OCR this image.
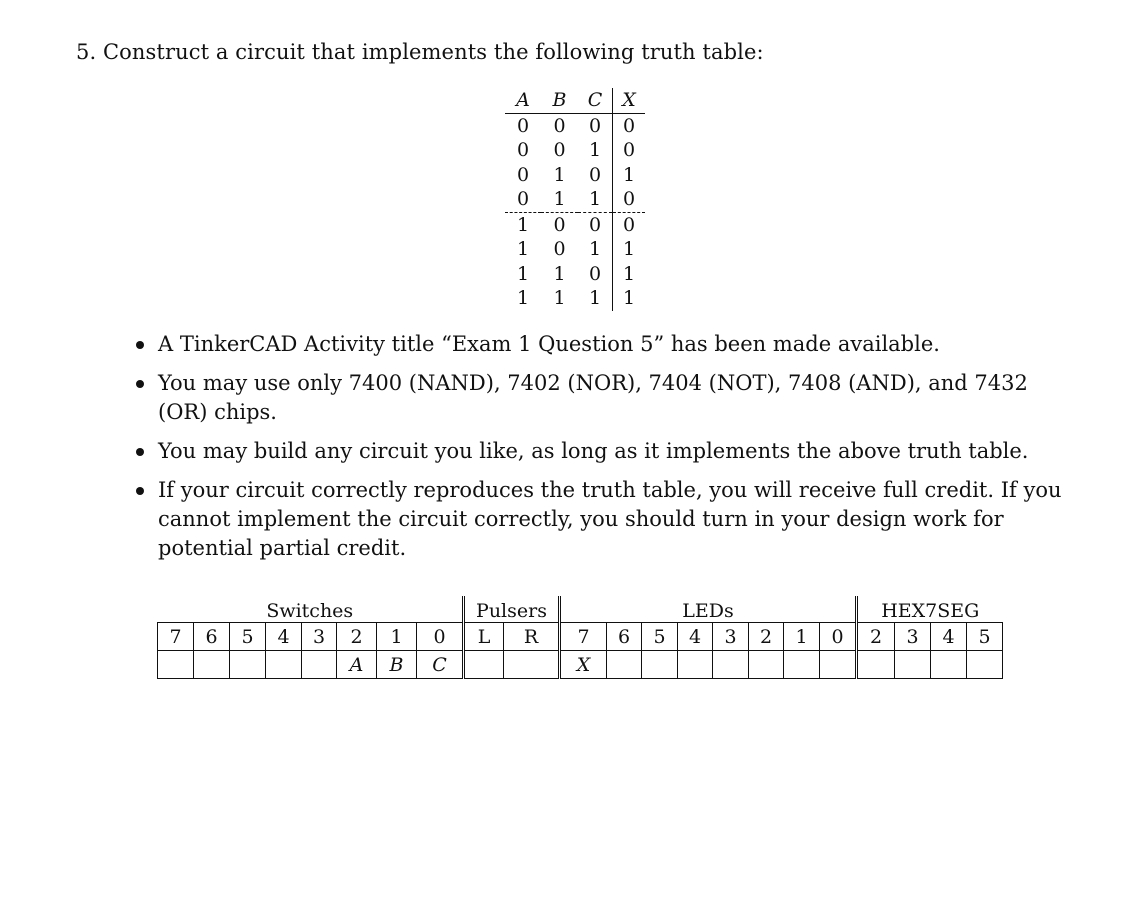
5. Construct a circuit that implements the following truth table:
A	B	C	X
0	0	0	0
0	0	1	0
0	1	0	1
0	1	1	0
1	0	0	0
1	0	1	1
1	1	0	1
1	1	1	1
A TinkerCAD Activity title “Exam 1 Question 5” has been made available.
You may use only 7400 (NAND), 7402 (NOR), 7404 (NOT), 7408 (AND), and 7432 (OR) chips.
You may build any circuit you like, as long as it implements the above truth table.
If your circuit correctly reproduces the truth table, you will receive full credit. If you cannot implement the circuit correctly, you should turn in your design work for potential partial credit.
Switches								Pulsers		LEDs								HEX7SEG			
7	6	5	4	3	2	1	0	L	R	7	6	5	4	3	2	1	0	2	3	4	5
					A	B	C			X											
